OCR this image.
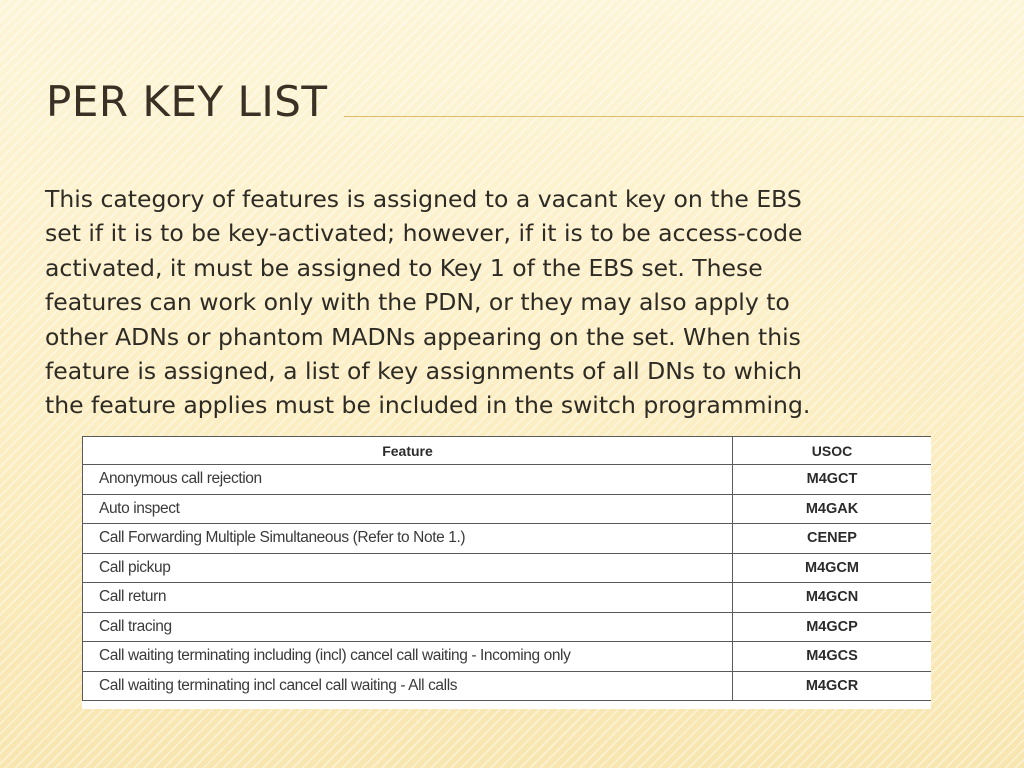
PER KEY LIST

This category of features is assigned to a vacant key on the EBS
set if it is to be key-activated; however, if it is to be access-code
activated, it must be assigned to Key 1 of the EBS set. These
features can work only with the PDN, or they may also apply to
other ADNs or phantom MADNs appearing on the set. When this
feature is assigned, a list of key assignments of all DNs to which
the feature applies must be included in the switch programming.

Feature	USOC
Anonymous call rejection	M4GCT
Auto inspect	M4GAK
Call Forwarding Multiple Simultaneous (Refer to Note 1.)	CENEP
Call pickup	M4GCM
Call return	M4GCN
Call tracing	M4GCP
Call waiting terminating including (incl) cancel call waiting - Incoming only	M4GCS
Call waiting terminating incl cancel call waiting - All calls	M4GCR
